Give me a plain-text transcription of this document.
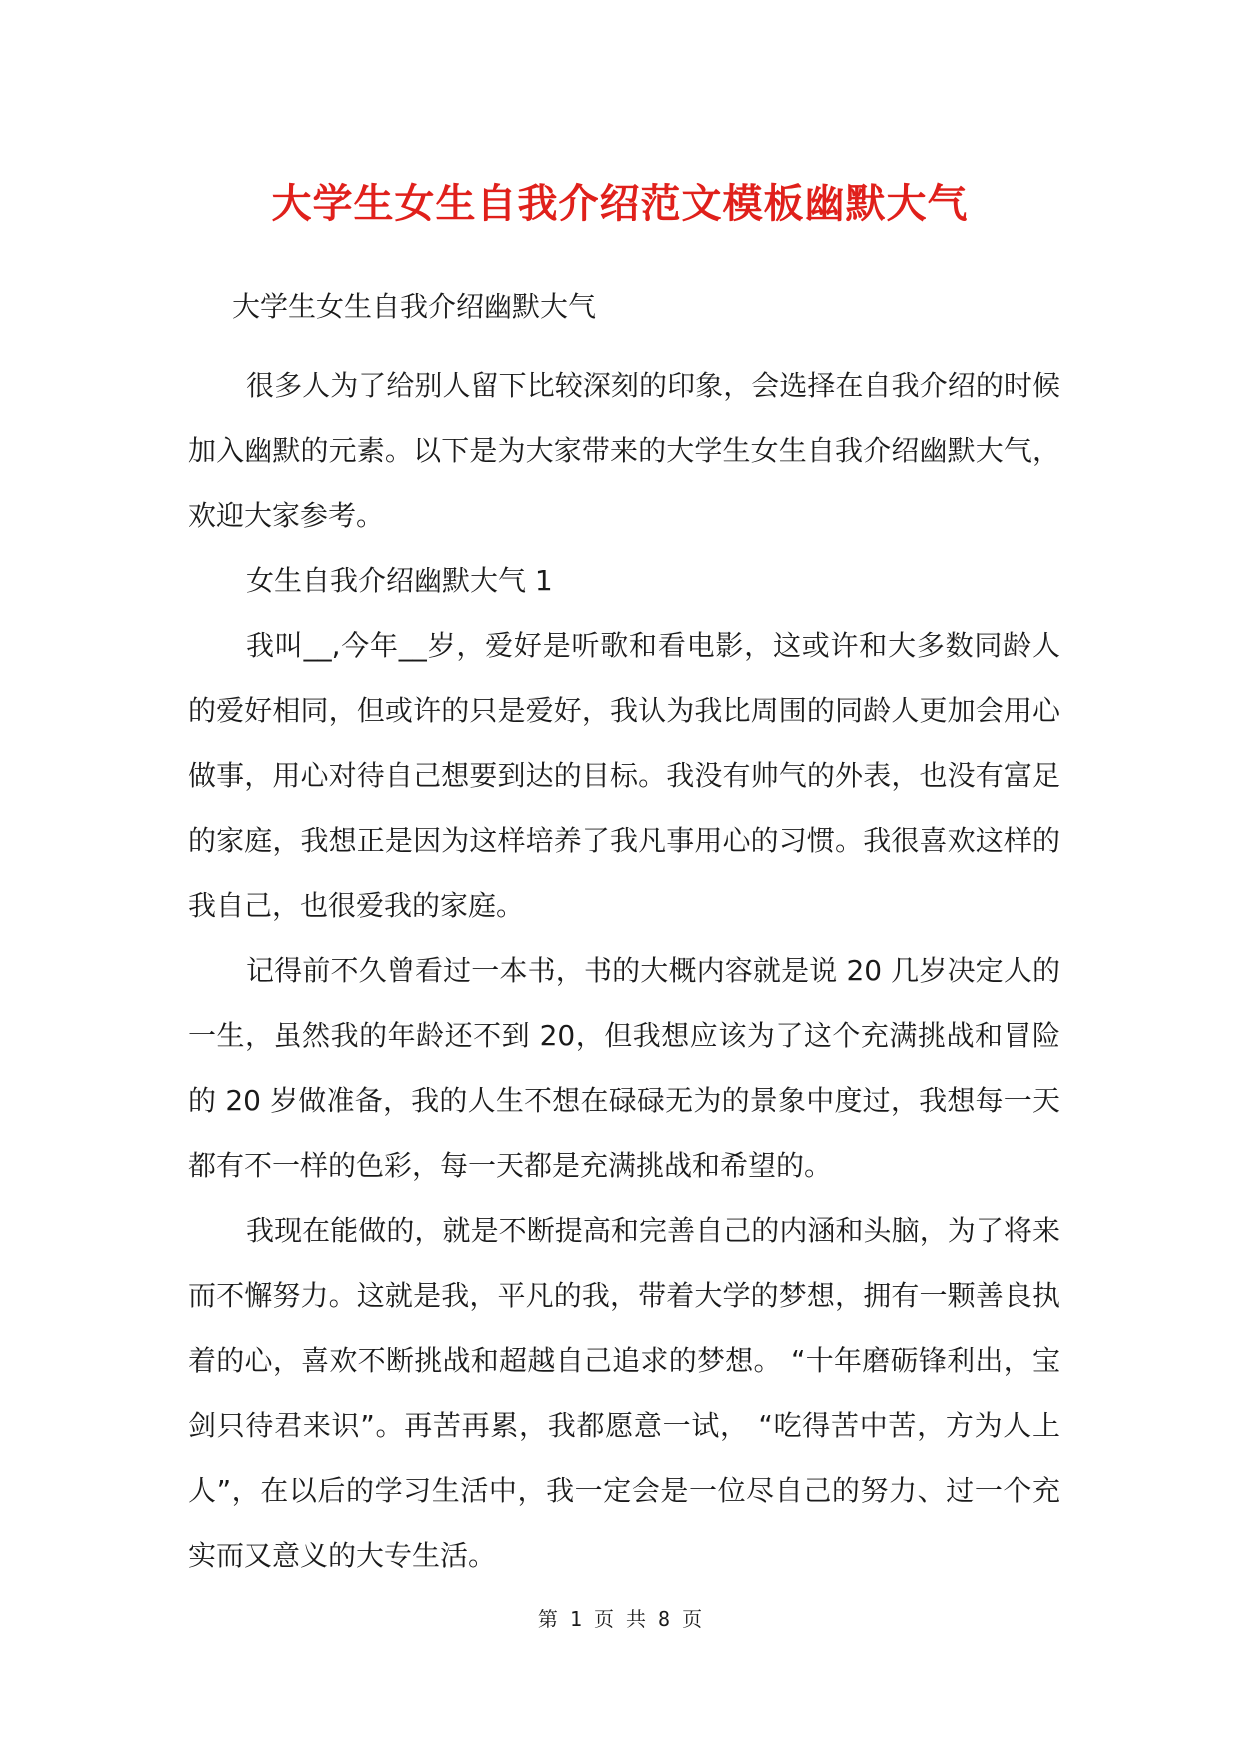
大学生女生自我介绍范文模板幽默大气
大学生女生自我介绍幽默大气

很多人为了给别人留下比较深刻的印象，会选择在自我介绍的时候加入幽默的元素。以下是为大家带来的大学生女生自我介绍幽默大气，欢迎大家参考。

女生自我介绍幽默大气 1

我叫__,今年__岁，爱好是听歌和看电影，这或许和大多数同龄人的爱好相同，但或许的只是爱好，我认为我比周围的同龄人更加会用心做事，用心对待自己想要到达的目标。我没有帅气的外表，也没有富足的家庭，我想正是因为这样培养了我凡事用心的习惯。我很喜欢这样的我自己，也很爱我的家庭。

记得前不久曾看过一本书，书的大概内容就是说 20 几岁决定人的一生，虽然我的年龄还不到 20，但我想应该为了这个充满挑战和冒险的 20 岁做准备，我的人生不想在碌碌无为的景象中度过，我想每一天都有不一样的色彩，每一天都是充满挑战和希望的。

我现在能做的，就是不断提高和完善自己的内涵和头脑，为了将来而不懈努力。这就是我，平凡的我，带着大学的梦想，拥有一颗善良执着的心，喜欢不断挑战和超越自己追求的梦想。 “十年磨砺锋利出，宝剑只待君来识”。再苦再累，我都愿意一试， “吃得苦中苦，方为人上人”，在以后的学习生活中，我一定会是一位尽自己的努力、过一个充实而又意义的大专生活。

第 1 页 共 8 页
